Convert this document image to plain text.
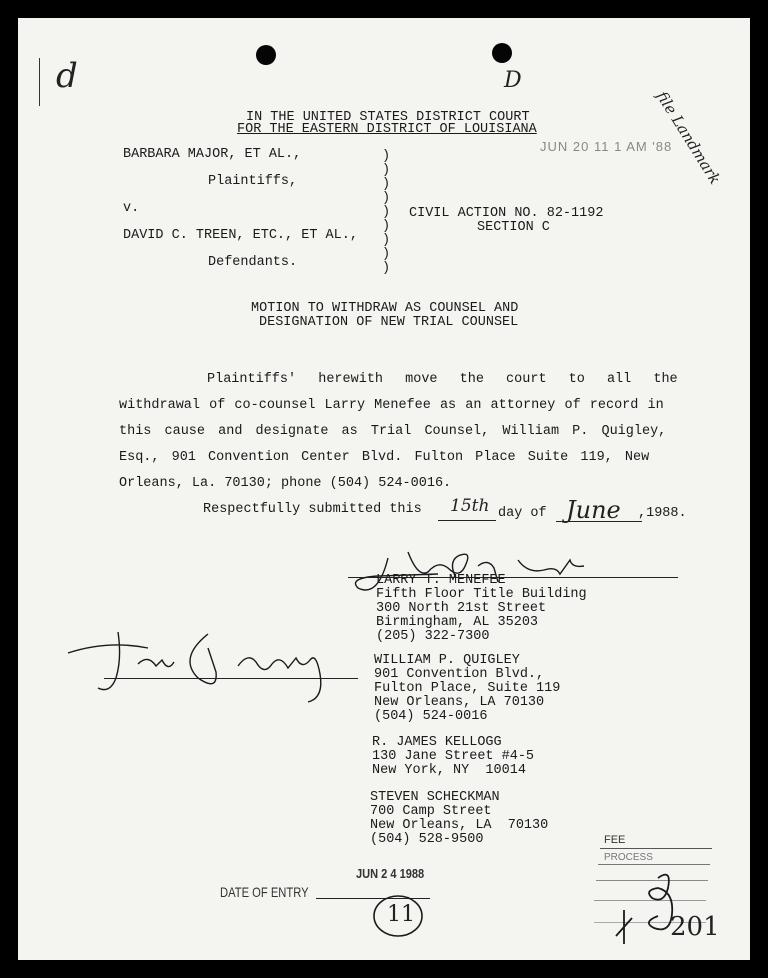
d	D
file Landmark
IN THE UNITED STATES DISTRICT COURT
FOR THE EASTERN DISTRICT OF LOUISIANA
JUN 20 11 1 AM '88
BARBARA MAJOR, ET AL.,
Plaintiffs,
v.
DAVID C. TREEN, ETC., ET AL.,
Defendants.
)
)
)
)
)
)
)
)
)
CIVIL ACTION NO. 82-1192
SECTION C
MOTION TO WITHDRAW AS COUNSEL AND
DESIGNATION OF NEW TRIAL COUNSEL
Plaintiffs' herewith move the court to all the
withdrawal of co-counsel Larry Menefee as an attorney of record in
this cause and designate as Trial Counsel, William P. Quigley,
Esq., 901 Convention Center Blvd. Fulton Place Suite 119, New
Orleans, La. 70130; phone (504) 524-0016.
Respectfully submitted this 15th day of June ,1988.
LARRY T. MENEFEE
Fifth Floor Title Building
300 North 21st Street
Birmingham, AL 35203
(205) 322-7300
WILLIAM P. QUIGLEY
901 Convention Blvd.,
Fulton Place, Suite 119
New Orleans, LA 70130
(504) 524-0016
R. JAMES KELLOGG
130 Jane Street #4-5
New York, NY  10014
STEVEN SCHECKMAN
700 Camp Street
New Orleans, LA  70130
(504) 528-9500
JUN 2 4 1988
DATE OF ENTRY
11
FEE
PROCESS
201
